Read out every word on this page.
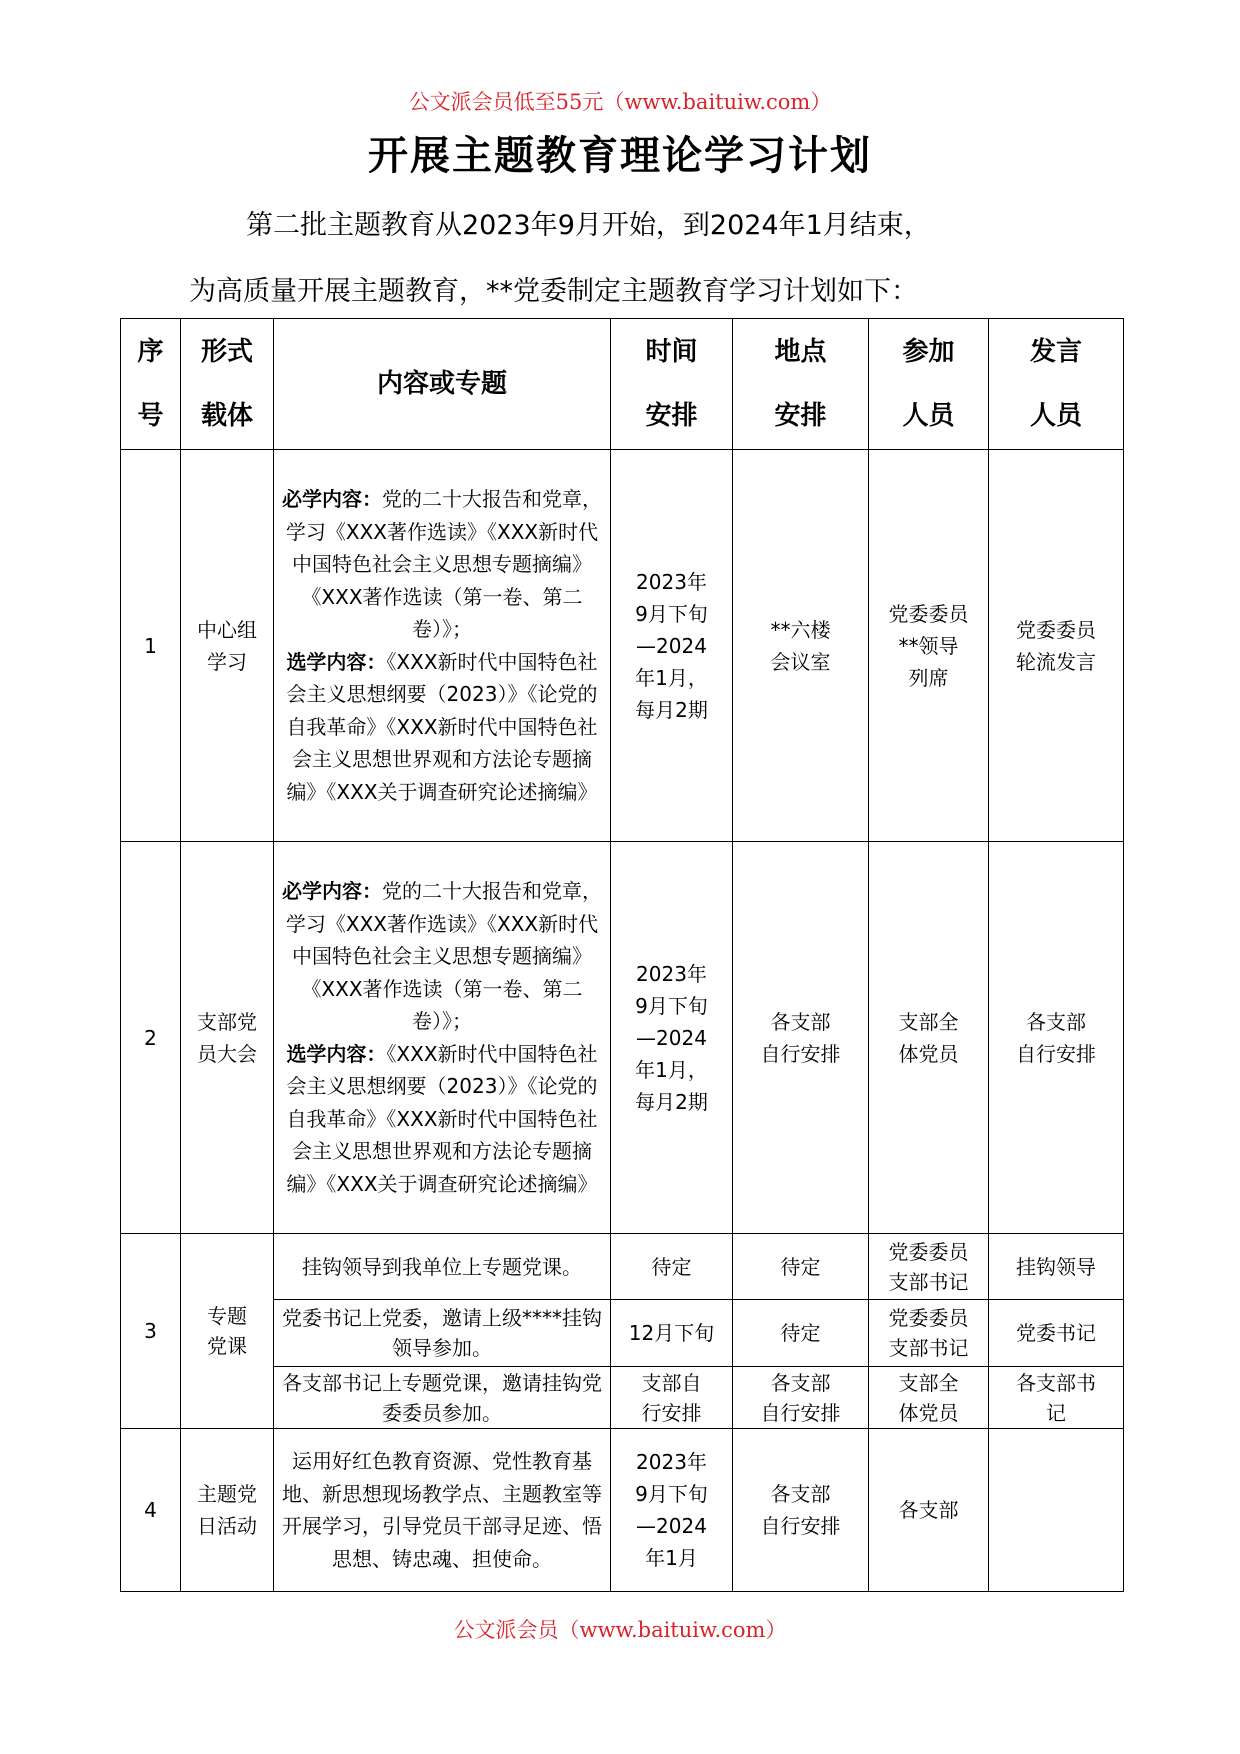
公文派会员低至55元（www.baituiw.com）
开展主题教育理论学习计划
第二批主题教育从2023年9月开始，到2024年1月结束，
为高质量开展主题教育，**党委制定主题教育学习计划如下：
序
号	形式
载体	内容或专题	时间
安排	地点
安排	参加
人员	发言
人员

1	中心组
学习	必学内容：党的二十大报告和党章，学习《XXX著作选读》《XXX新时代中国特色社会主义思想专题摘编》《XXX著作选读（第一卷、第二卷）》；
选学内容：《XXX新时代中国特色社会主义思想纲要（2023）》《论党的自我革命》《XXX新时代中国特色社会主义思想世界观和方法论专题摘编》《XXX关于调查研究论述摘编》	2023年
9月下旬
—2024
年1月，
每月2期	**六楼
会议室	党委委员
**领导
列席	党委委员
轮流发言

2	支部党
员大会	必学内容：党的二十大报告和党章，学习《XXX著作选读》《XXX新时代中国特色社会主义思想专题摘编》《XXX著作选读（第一卷、第二卷）》；
选学内容：《XXX新时代中国特色社会主义思想纲要（2023）》《论党的自我革命》《XXX新时代中国特色社会主义思想世界观和方法论专题摘编》《XXX关于调查研究论述摘编》	2023年
9月下旬
—2024
年1月，
每月2期	各支部
自行安排	支部全
体党员	各支部
自行安排

3	专题
党课	挂钩领导到我单位上专题党课。	待定	待定	党委委员
支部书记	挂钩领导
		党委书记上党委，邀请上级****挂钩领导参加。	12月下旬	待定	党委委员
支部书记	党委书记
		各支部书记上专题党课，邀请挂钩党委委员参加。	支部自
行安排	各支部
自行安排	支部全
体党员	各支部书
记

4	主题党
日活动	运用好红色教育资源、党性教育基地、新思想现场教学点、主题教室等开展学习，引导党员干部寻足迹、悟思想、铸忠魂、担使命。	2023年
9月下旬
—2024
年1月	各支部
自行安排	各支部	
公文派会员（www.baituiw.com）
